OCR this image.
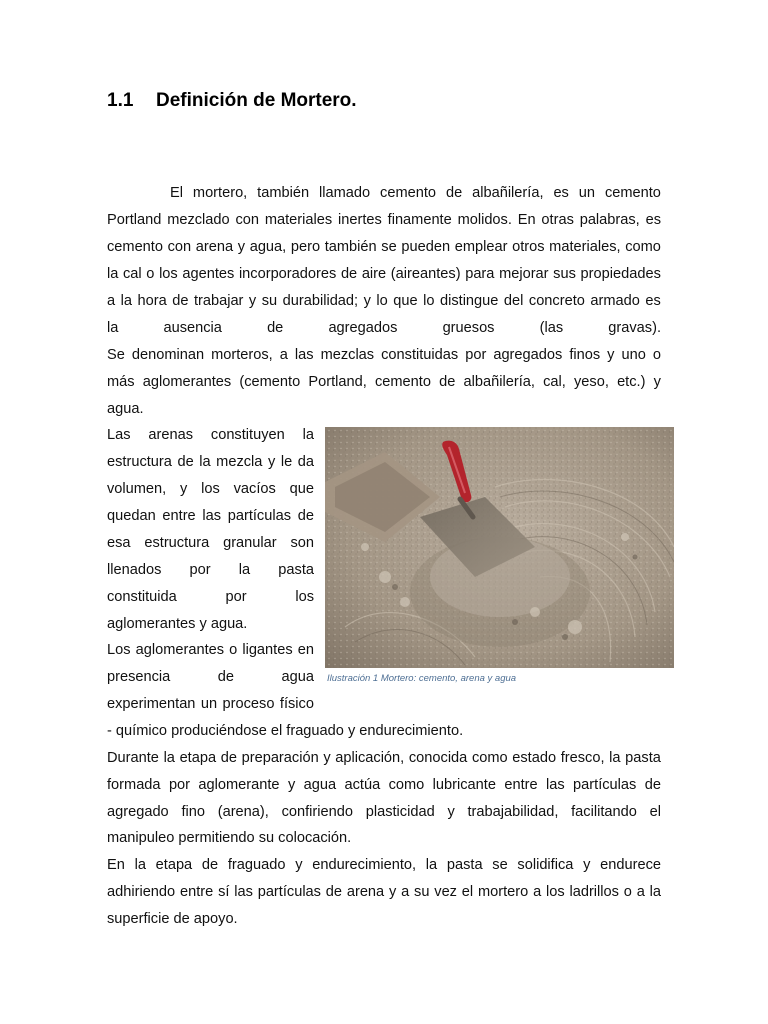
1.1 Definición de Mortero.
El mortero, también llamado cemento de albañilería, es un cemento
Portland mezclado con materiales inertes finamente molidos. En otras palabras, es
cemento con arena y agua, pero también se pueden emplear otros materiales, como
la cal o los agentes incorporadores de aire (aireantes) para mejorar sus propiedades
a la hora de trabajar y su durabilidad; y lo que lo distingue del concreto armado es
la	ausencia	de	agregados	gruesos	(las	gravas).
Se denominan morteros, a las mezclas constituidas por agregados finos y uno o
más aglomerantes (cemento Portland, cemento de albañilería, cal, yeso, etc.) y
agua.
Las arenas constituyen la
estructura de la mezcla y le da
volumen, y los vacíos que
quedan entre las partículas de
esa estructura granular son
llenados por la pasta
constituida	por	los
aglomerantes y agua.
Los aglomerantes o ligantes en
presencia	de	agua
experimentan un proceso físico
- químico produciéndose el fraguado y endurecimiento.
Durante la etapa de preparación y aplicación, conocida como estado fresco, la pasta
formada por aglomerante y agua actúa como lubricante entre las partículas de
agregado fino (arena), confiriendo plasticidad y trabajabilidad, facilitando el
manipuleo permitiendo su colocación.
En la etapa de fraguado y endurecimiento, la pasta se solidifica y endurece
adhiriendo entre sí las partículas de arena y a su vez el mortero a los ladrillos o a la
superficie de apoyo.
Ilustración 1 Mortero: cemento, arena y agua
